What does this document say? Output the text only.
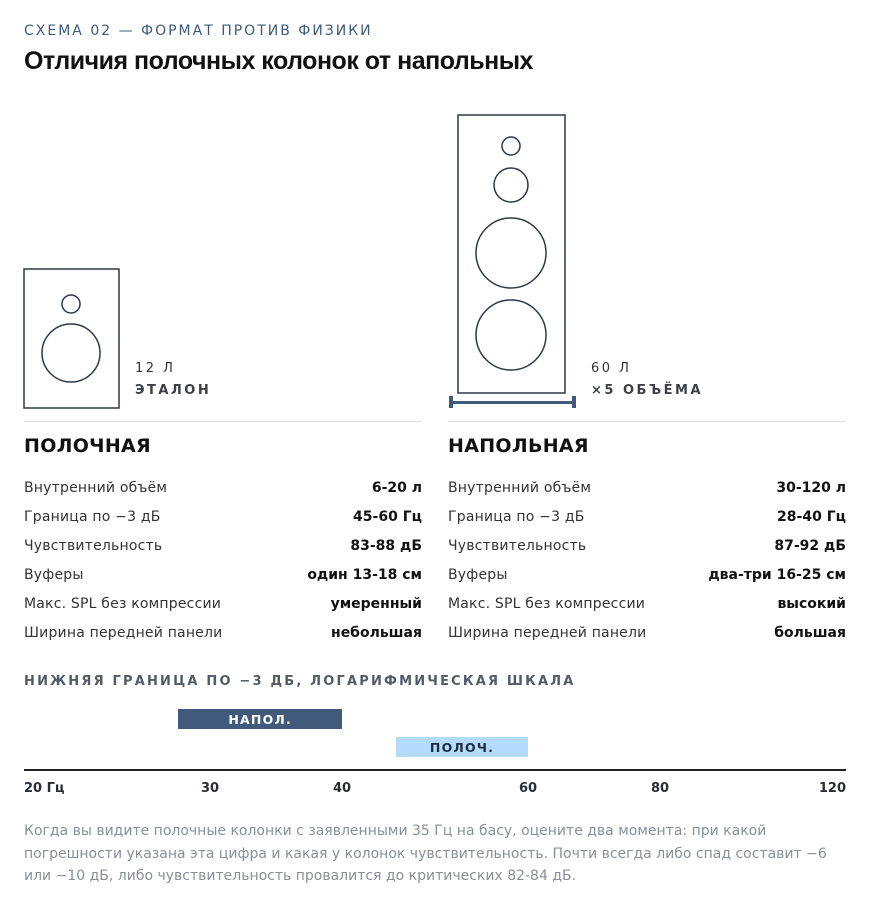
СХЕМА 02 — ФОРМАТ ПРОТИВ ФИЗИКИ
Отличия полочных колонок от напольных
12 Л
ЭТАЛОН
60 Л
×5 ОБЪЁМА
ПОЛОЧНАЯ
Внутренний объём	6-20 л
Граница по −3 дБ	45-60 Гц
Чувствительность	83-88 дБ
Вуферы	один 13-18 см
Макс. SPL без компрессии	умеренный
Ширина передней панели	небольшая
НАПОЛЬНАЯ
Внутренний объём	30-120 л
Граница по −3 дБ	28-40 Гц
Чувствительность	87-92 дБ
Вуферы	два-три 16-25 см
Макс. SPL без компрессии	высокий
Ширина передней панели	большая
НИЖНЯЯ ГРАНИЦА ПО −3 ДБ, ЛОГАРИФМИЧЕСКАЯ ШКАЛА
НАПОЛ.
ПОЛОЧ.
20 Гц	30	40	60	80	120
Когда вы видите полочные колонки с заявленными 35 Гц на басу, оцените два момента: при какой погрешности указана эта цифра и какая у колонок чувствительность. Почти всегда либо спад составит −6 или −10 дБ, либо чувствительность провалится до критических 82-84 дБ.
